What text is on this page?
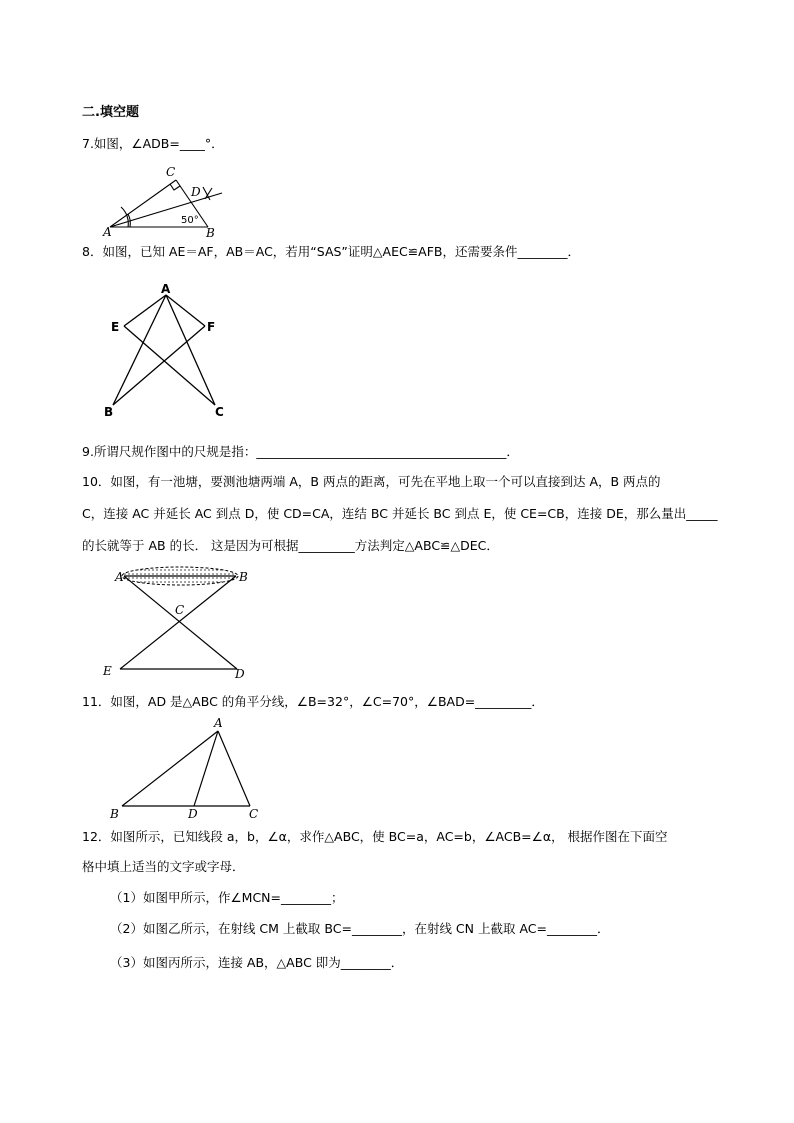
二.填空题
7.如图，∠ADB=____°．
C
D
A	B
50°
8．如图，已知 AE＝AF，AB＝AC，若用“SAS”证明△AEC≌AFB，还需要条件________．
A
E	F
B	C
9.所谓尺规作图中的尺规是指：________________________________________．
10．如图，有一池塘，要测池塘两端 A，B 两点的距离，可先在平地上取一个可以直接到达 A，B 两点的
C，连接 AC 并延长 AC 到点 D，使 CD=CA，连结 BC 并延长 BC 到点 E，使 CE=CB，连接 DE，那么量出_____
的长就等于 AB 的长． 这是因为可根据_________方法判定△ABC≌△DEC．
A	B
C
E	D
11．如图，AD 是△ABC 的角平分线，∠B=32°，∠C=70°，∠BAD=_________．
A
B	D	C
12．如图所示，已知线段 a，b，∠α，求作△ABC，使 BC=a，AC=b，∠ACB=∠α， 根据作图在下面空
格中填上适当的文字或字母．
（1）如图甲所示，作∠MCN=________；
（2）如图乙所示，在射线 CM 上截取 BC=________，在射线 CN 上截取 AC=________．
（3）如图丙所示，连接 AB，△ABC 即为________．
